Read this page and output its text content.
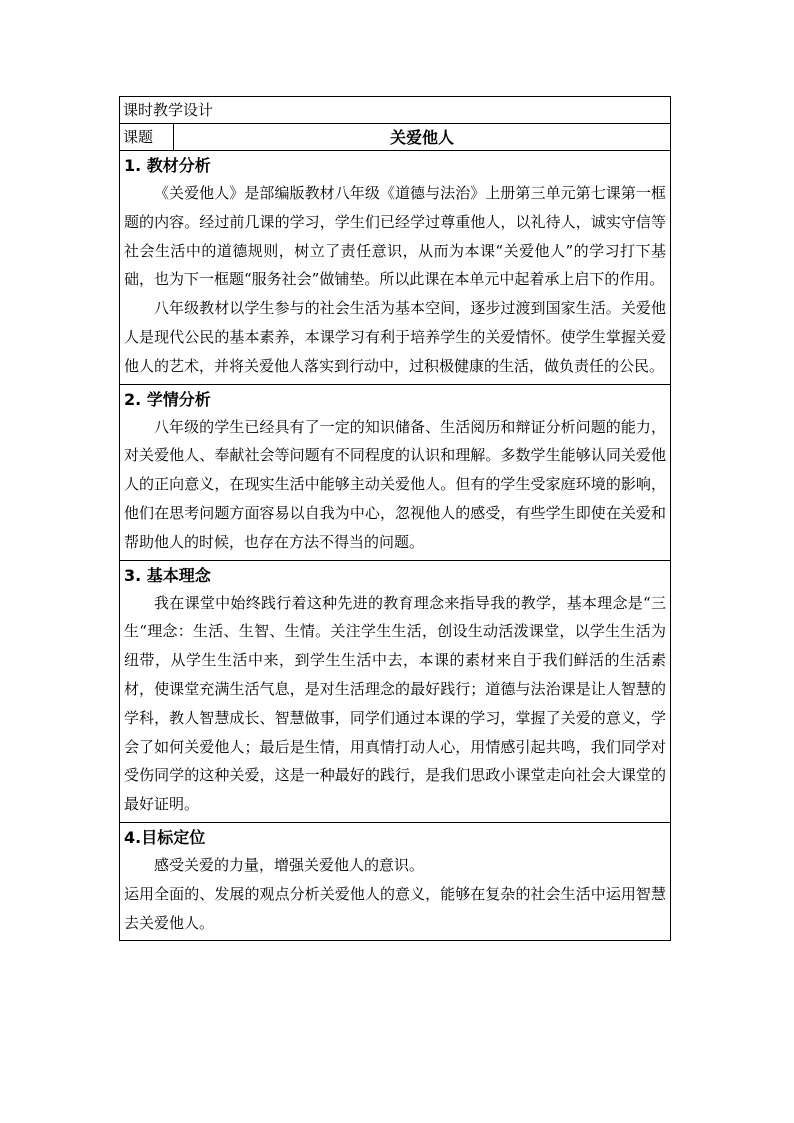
课时教学设计
课题	关爱他人
1. 教材分析

《关爱他人》是部编版教材八年级《道德与法治》上册第三单元第七课第一框题的内容。经过前几课的学习，学生们已经学过尊重他人，以礼待人，诚实守信等社会生活中的道德规则，树立了责任意识，从而为本课“关爱他人”的学习打下基础，也为下一框题“服务社会”做铺垫。所以此课在本单元中起着承上启下的作用。

八年级教材以学生参与的社会生活为基本空间，逐步过渡到国家生活。关爱他人是现代公民的基本素养，本课学习有利于培养学生的关爱情怀。使学生掌握关爱他人的艺术，并将关爱他人落实到行动中，过积极健康的生活，做负责任的公民。

2. 学情分析

八年级的学生已经具有了一定的知识储备、生活阅历和辩证分析问题的能力，对关爱他人、奉献社会等问题有不同程度的认识和理解。多数学生能够认同关爱他人的正向意义，在现实生活中能够主动关爱他人。但有的学生受家庭环境的影响，他们在思考问题方面容易以自我为中心，忽视他人的感受，有些学生即使在关爱和帮助他人的时候，也存在方法不得当的问题。

3. 基本理念

我在课堂中始终践行着这种先进的教育理念来指导我的教学，基本理念是“三生“理念：生活、生智、生情。关注学生生活，创设生动活泼课堂，以学生生活为纽带，从学生生活中来，到学生生活中去，本课的素材来自于我们鲜活的生活素材，使课堂充满生活气息，是对生活理念的最好践行；道德与法治课是让人智慧的学科，教人智慧成长、智慧做事，同学们通过本课的学习，掌握了关爱的意义，学会了如何关爱他人；最后是生情，用真情打动人心，用情感引起共鸣，我们同学对受伤同学的这种关爱，这是一种最好的践行，是我们思政小课堂走向社会大课堂的最好证明。

4.目标定位

感受关爱的力量，增强关爱他人的意识。

运用全面的、发展的观点分析关爱他人的意义，能够在复杂的社会生活中运用智慧去关爱他人。
